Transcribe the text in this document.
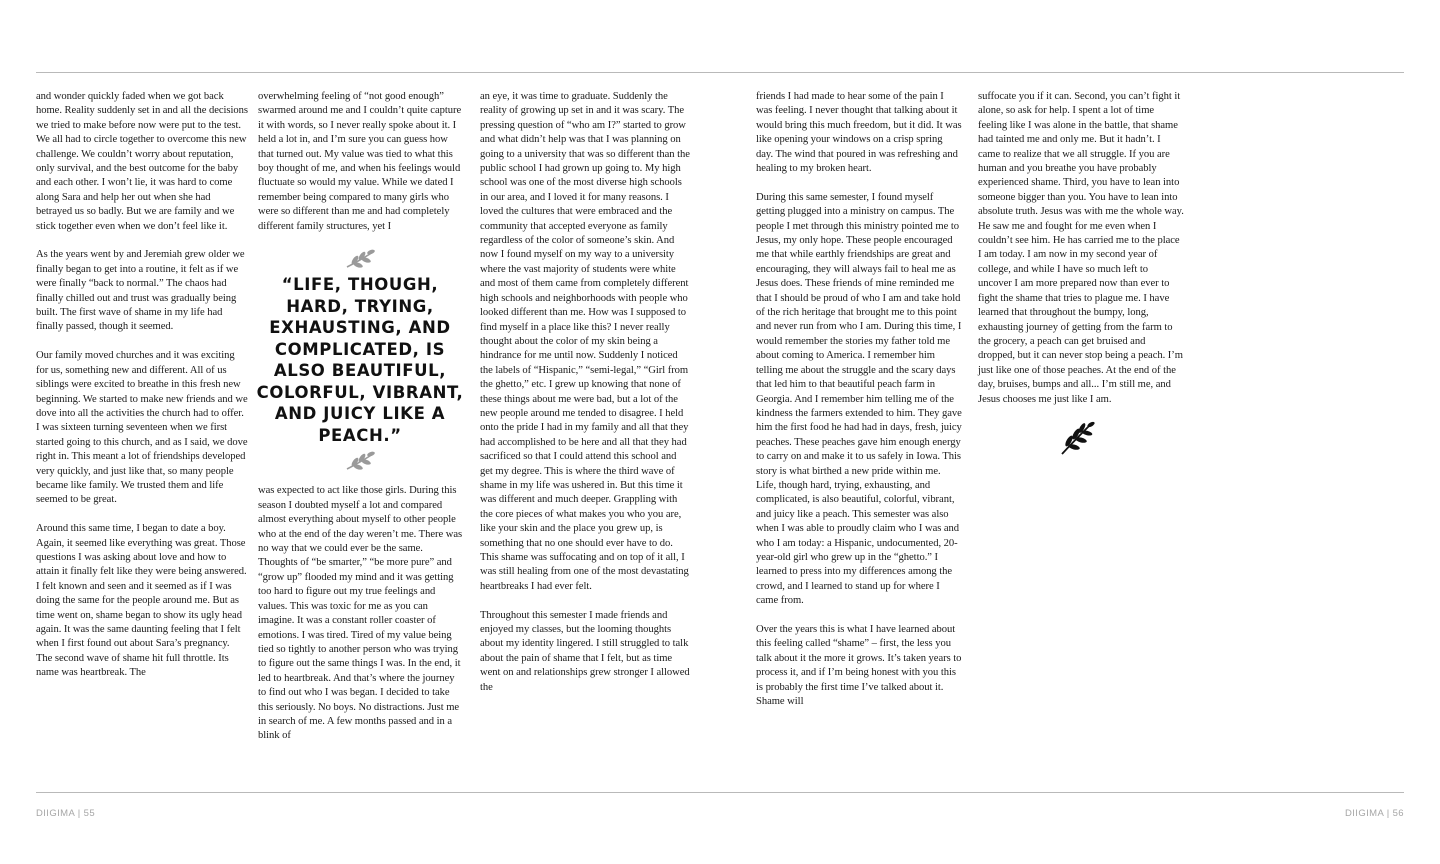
and wonder quickly faded when we got back home. Reality suddenly set in and all the decisions we tried to make before now were put to the test. We all had to circle together to overcome this new challenge. We couldn’t worry about reputation, only survival, and the best outcome for the baby and each other. I won’t lie, it was hard to come along Sara and help her out when she had betrayed us so badly. But we are family and we stick together even when we don’t feel like it.

As the years went by and Jeremiah grew older we finally began to get into a routine, it felt as if we were finally “back to normal.” The chaos had finally chilled out and trust was gradually being built. The first wave of shame in my life had finally passed, though it seemed.

Our family moved churches and it was exciting for us, something new and different. All of us siblings were excited to breathe in this fresh new beginning. We started to make new friends and we dove into all the activities the church had to offer. I was sixteen turning seventeen when we first started going to this church, and as I said, we dove right in. This meant a lot of friendships developed very quickly, and just like that, so many people became like family. We trusted them and life seemed to be great.

Around this same time, I began to date a boy. Again, it seemed like everything was great. Those questions I was asking about love and how to attain it finally felt like they were being answered. I felt known and seen and it seemed as if I was doing the same for the people around me. But as time went on, shame began to show its ugly head again. It was the same daunting feeling that I felt when I first found out about Sara’s pregnancy. The second wave of shame hit full throttle. Its name was heartbreak. The

overwhelming feeling of “not good enough” swarmed around me and I couldn’t quite capture it with words, so I never really spoke about it. I held a lot in, and I’m sure you can guess how that turned out. My value was tied to what this boy thought of me, and when his feelings would fluctuate so would my value. While we dated I remember being compared to many girls who were so different than me and had completely different family structures, yet I

“LIFE, THOUGH, HARD, TRYING, EXHAUSTING, AND COMPLICATED, IS ALSO BEAUTIFUL, COLORFUL, VIBRANT, AND JUICY LIKE A PEACH.”

was expected to act like those girls. During this season I doubted myself a lot and compared almost everything about myself to other people who at the end of the day weren’t me. There was no way that we could ever be the same. Thoughts of “be smarter,” “be more pure” and “grow up” flooded my mind and it was getting too hard to figure out my true feelings and values. This was toxic for me as you can imagine. It was a constant roller coaster of emotions. I was tired. Tired of my value being tied so tightly to another person who was trying to figure out the same things I was. In the end, it led to heartbreak. And that’s where the journey to find out who I was began. I decided to take this seriously. No boys. No distractions. Just me in search of me. A few months passed and in a blink of

an eye, it was time to graduate. Suddenly the reality of growing up set in and it was scary. The pressing question of “who am I?” started to grow and what didn’t help was that I was planning on going to a university that was so different than the public school I had grown up going to. My high school was one of the most diverse high schools in our area, and I loved it for many reasons. I loved the cultures that were embraced and the community that accepted everyone as family regardless of the color of someone’s skin. And now I found myself on my way to a university where the vast majority of students were white and most of them came from completely different high schools and neighborhoods with people who looked different than me. How was I supposed to find myself in a place like this? I never really thought about the color of my skin being a hindrance for me until now. Suddenly I noticed the labels of “Hispanic,” “semi-legal,” “Girl from the ghetto,” etc. I grew up knowing that none of these things about me were bad, but a lot of the new people around me tended to disagree. I held onto the pride I had in my family and all that they had accomplished to be here and all that they had sacrificed so that I could attend this school and get my degree. This is where the third wave of shame in my life was ushered in. But this time it was different and much deeper. Grappling with the core pieces of what makes you who you are, like your skin and the place you grew up, is something that no one should ever have to do. This shame was suffocating and on top of it all, I was still healing from one of the most devastating heartbreaks I had ever felt.

Throughout this semester I made friends and enjoyed my classes, but the looming thoughts about my identity lingered. I still struggled to talk about the pain of shame that I felt, but as time went on and relationships grew stronger I allowed the

friends I had made to hear some of the pain I was feeling. I never thought that talking about it would bring this much freedom, but it did. It was like opening your windows on a crisp spring day. The wind that poured in was refreshing and healing to my broken heart.

During this same semester, I found myself getting plugged into a ministry on campus. The people I met through this ministry pointed me to Jesus, my only hope. These people encouraged me that while earthly friendships are great and encouraging, they will always fail to heal me as Jesus does. These friends of mine reminded me that I should be proud of who I am and take hold of the rich heritage that brought me to this point and never run from who I am. During this time, I would remember the stories my father told me about coming to America. I remember him telling me about the struggle and the scary days that led him to that beautiful peach farm in Georgia. And I remember him telling me of the kindness the farmers extended to him. They gave him the first food he had had in days, fresh, juicy peaches. These peaches gave him enough energy to carry on and make it to us safely in Iowa. This story is what birthed a new pride within me. Life, though hard, trying, exhausting, and complicated, is also beautiful, colorful, vibrant, and juicy like a peach. This semester was also when I was able to proudly claim who I was and who I am today: a Hispanic, undocumented, 20-year-old girl who grew up in the “ghetto.” I learned to press into my differences among the crowd, and I learned to stand up for where I came from.

Over the years this is what I have learned about this feeling called “shame” – first, the less you talk about it the more it grows. It’s taken years to process it, and if I’m being honest with you this is probably the first time I’ve talked about it. Shame will

suffocate you if it can. Second, you can’t fight it alone, so ask for help. I spent a lot of time feeling like I was alone in the battle, that shame had tainted me and only me. But it hadn’t. I came to realize that we all struggle. If you are human and you breathe you have probably experienced shame. Third, you have to lean into someone bigger than you. You have to lean into absolute truth. Jesus was with me the whole way. He saw me and fought for me even when I couldn’t see him. He has carried me to the place I am today. I am now in my second year of college, and while I have so much left to uncover I am more prepared now than ever to fight the shame that tries to plague me. I have learned that throughout the bumpy, long, exhausting journey of getting from the farm to the grocery, a peach can get bruised and dropped, but it can never stop being a peach. I’m just like one of those peaches. At the end of the day, bruises, bumps and all... I’m still me, and Jesus chooses me just like I am.

DIIGIMA | 55	DIIGIMA | 56
